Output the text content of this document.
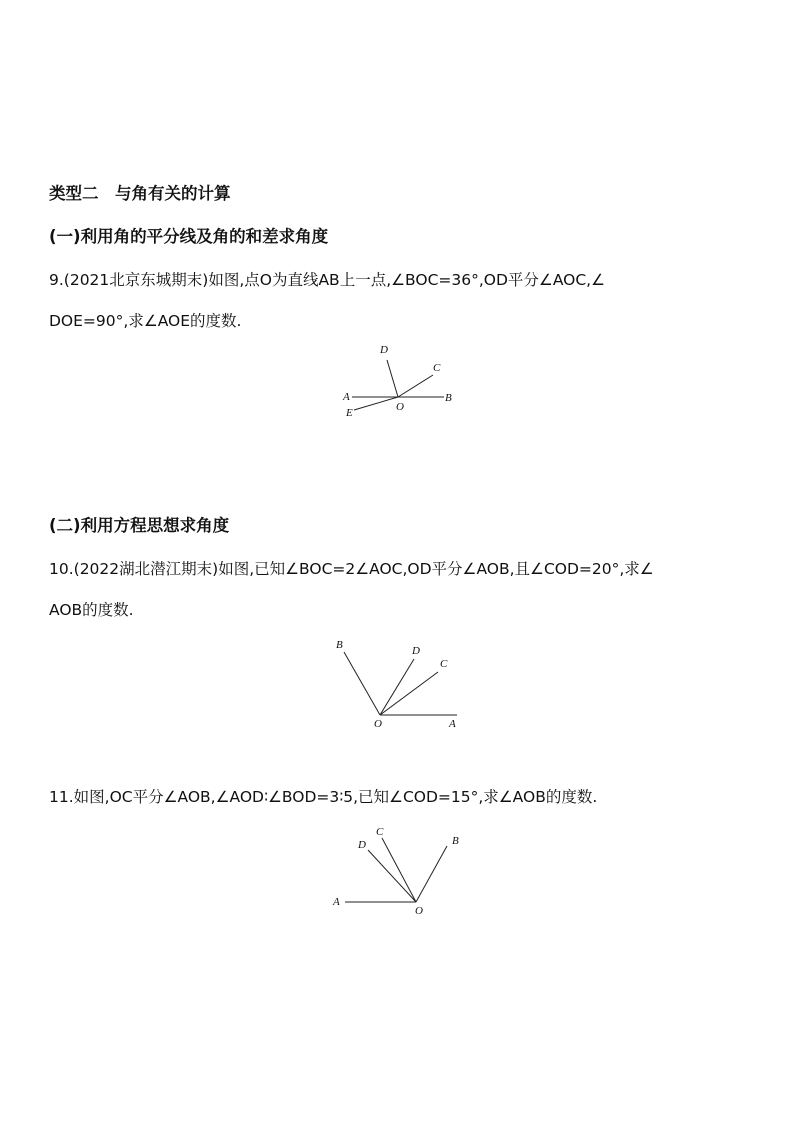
类型二　与角有关的计算
(一)利用角的平分线及角的和差求角度
9.(2021北京东城期末)如图,点O为直线AB上一点,∠BOC=36°,OD平分∠AOC,∠
DOE=90°,求∠AOE的度数.
D
C
A	B
O
E
(二)利用方程思想求角度
10.(2022湖北潜江期末)如图,已知∠BOC=2∠AOC,OD平分∠AOB,且∠COD=20°,求∠
AOB的度数.
B	D
C
O	A
11.如图,OC平分∠AOB,∠AOD∶∠BOD=3∶5,已知∠COD=15°,求∠AOB的度数.
C
D	B
A
O
